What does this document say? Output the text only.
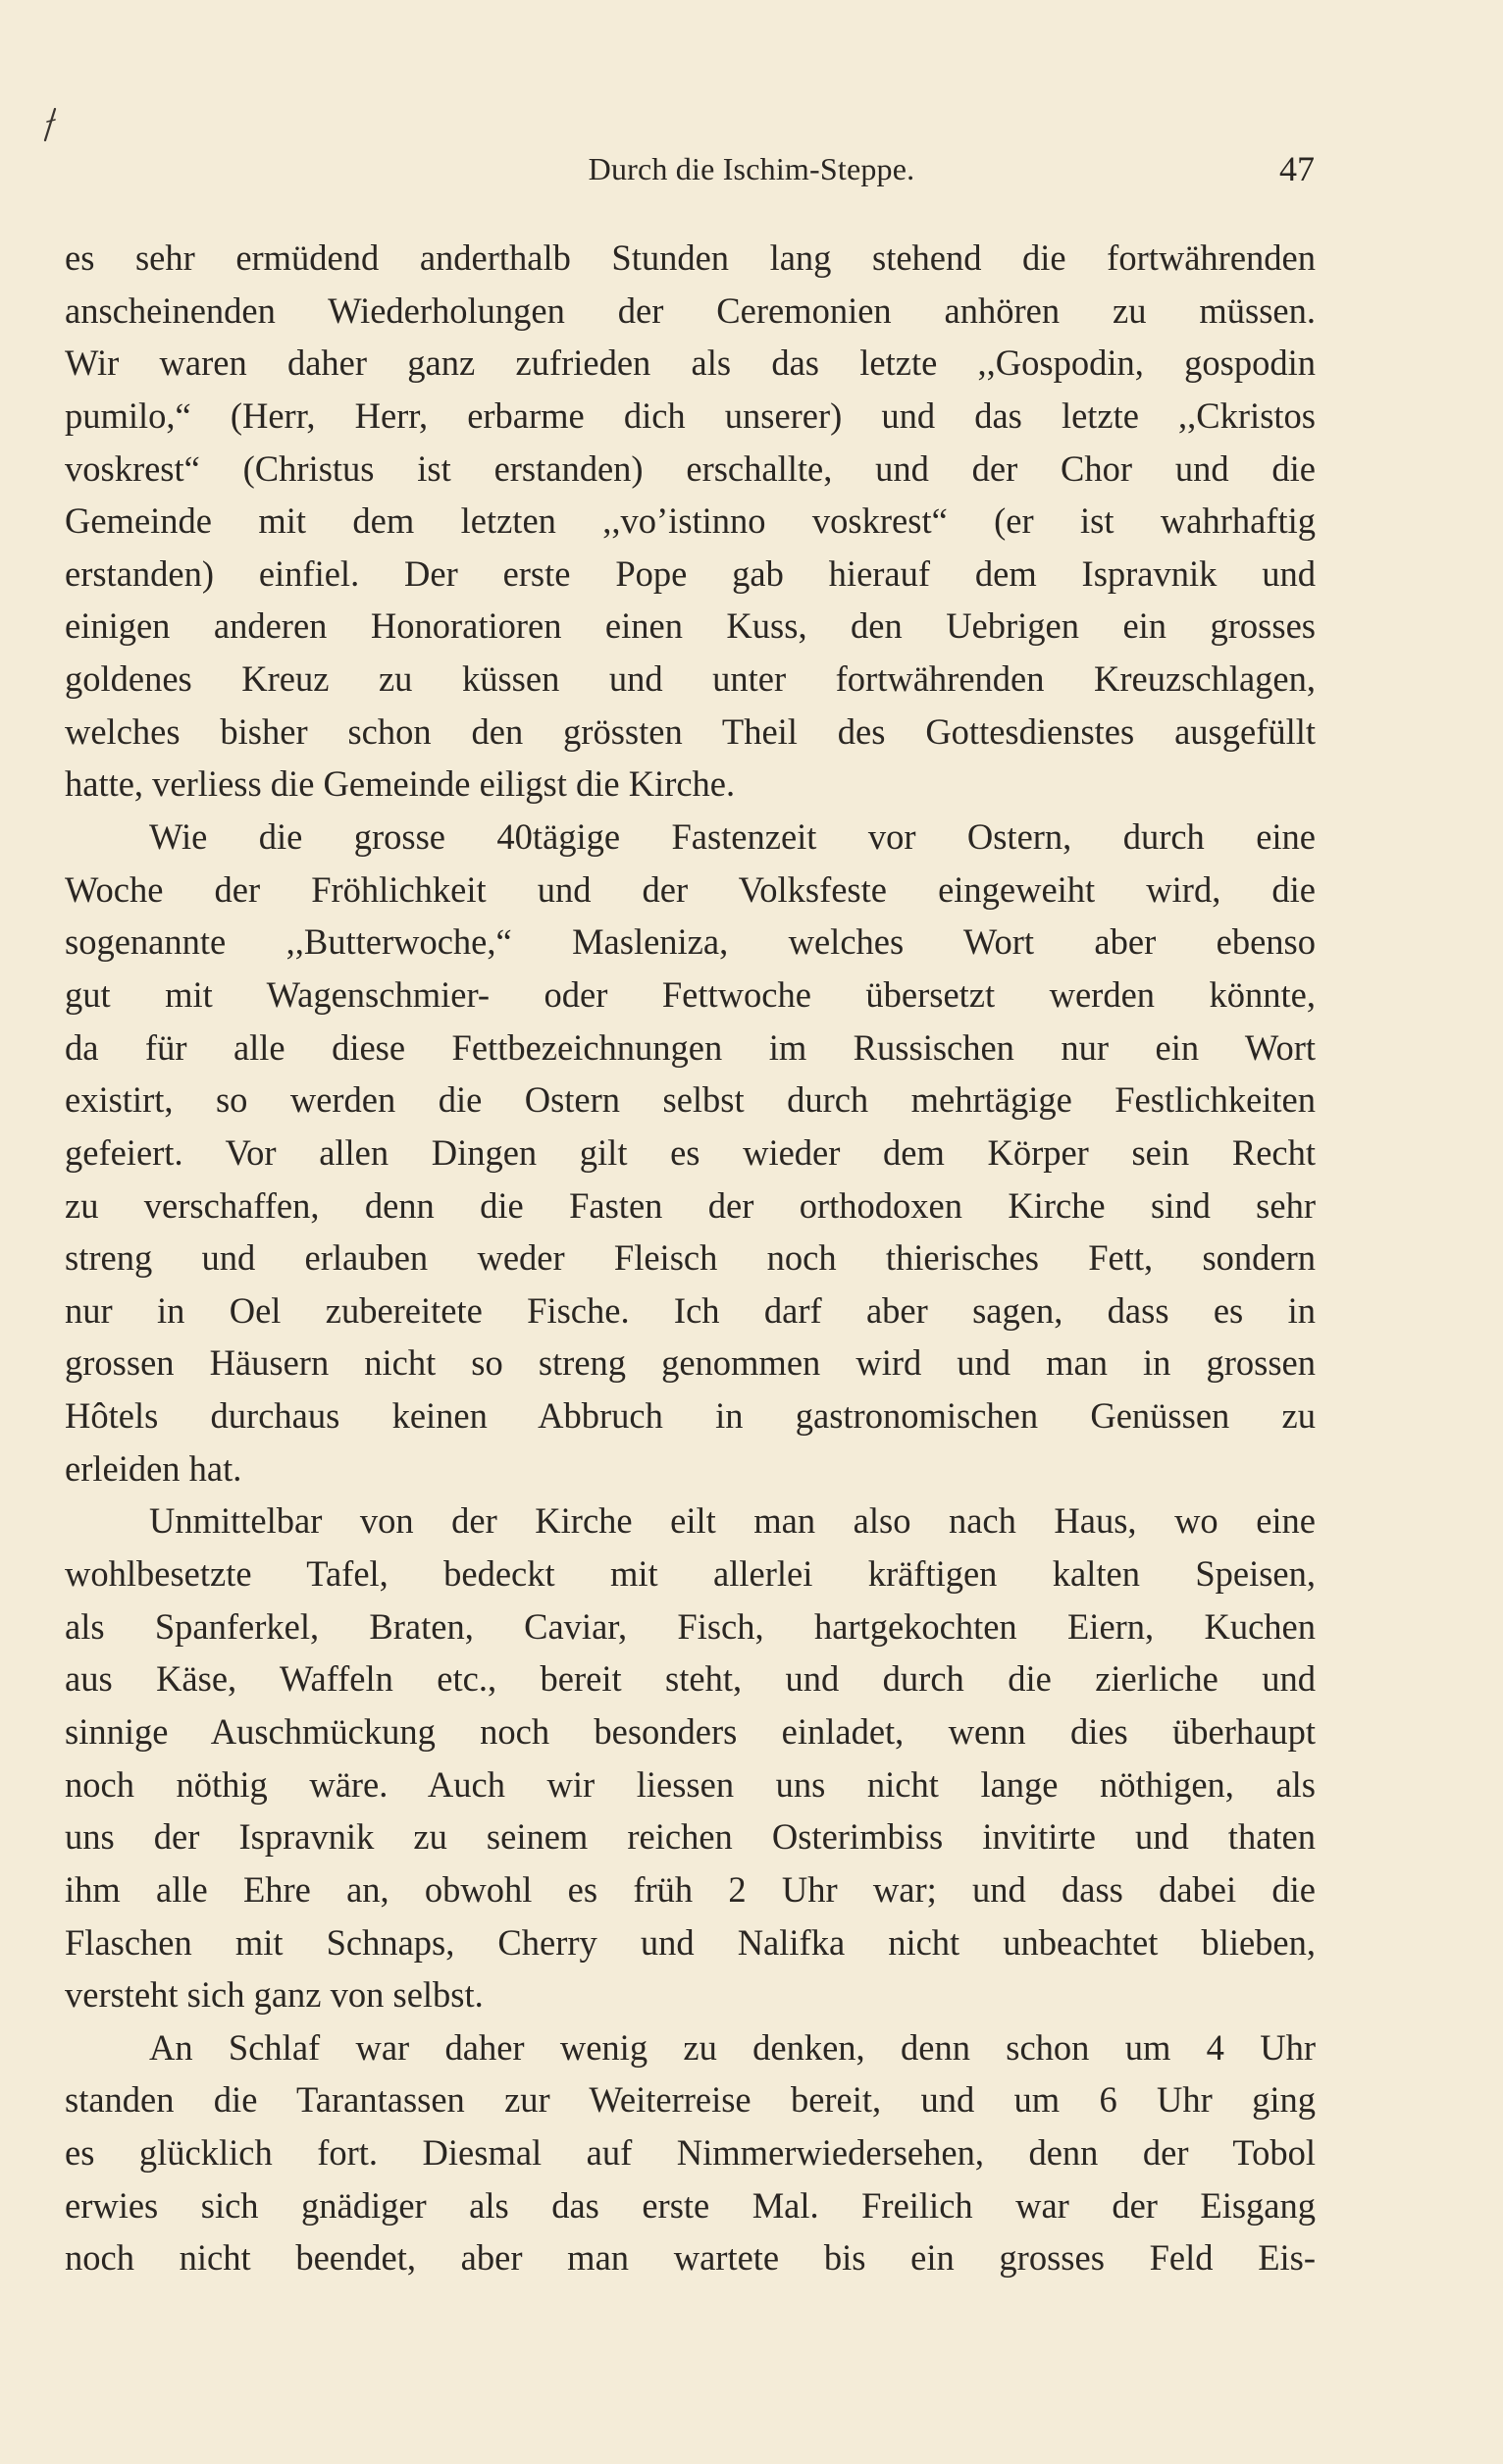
Durch die Ischim-Steppe.	47
es sehr ermüdend anderthalb Stunden lang stehend die fortwährenden
anscheinenden Wiederholungen der Ceremonien anhören zu müssen.
Wir waren daher ganz zufrieden als das letzte ,,Gospodin, gospodin
pumilo,“ (Herr, Herr, erbarme dich unserer) und das letzte ,,Ckristos
voskrest“ (Christus ist erstanden) erschallte, und der Chor und die
Gemeinde mit dem letzten ,,vo’istinno voskrest“ (er ist wahrhaftig
erstanden) einfiel. Der erste Pope gab hierauf dem Ispravnik und
einigen anderen Honoratioren einen Kuss, den Uebrigen ein grosses
goldenes Kreuz zu küssen und unter fortwährenden Kreuzschlagen,
welches bisher schon den grössten Theil des Gottesdienstes ausgefüllt
hatte, verliess die Gemeinde eiligst die Kirche.
Wie die grosse 40tägige Fastenzeit vor Ostern, durch eine
Woche der Fröhlichkeit und der Volksfeste eingeweiht wird, die
sogenannte ,,Butterwoche,“ Masleniza, welches Wort aber ebenso
gut mit Wagenschmier- oder Fettwoche übersetzt werden könnte,
da für alle diese Fettbezeichnungen im Russischen nur ein Wort
existirt, so werden die Ostern selbst durch mehrtägige Festlichkeiten
gefeiert. Vor allen Dingen gilt es wieder dem Körper sein Recht
zu verschaffen, denn die Fasten der orthodoxen Kirche sind sehr
streng und erlauben weder Fleisch noch thierisches Fett, sondern
nur in Oel zubereitete Fische. Ich darf aber sagen, dass es in
grossen Häusern nicht so streng genommen wird und man in grossen
Hôtels durchaus keinen Abbruch in gastronomischen Genüssen zu
erleiden hat.
Unmittelbar von der Kirche eilt man also nach Haus, wo eine
wohlbesetzte Tafel, bedeckt mit allerlei kräftigen kalten Speisen,
als Spanferkel, Braten, Caviar, Fisch, hartgekochten Eiern, Kuchen
aus Käse, Waffeln etc., bereit steht, und durch die zierliche und
sinnige Auschmückung noch besonders einladet, wenn dies überhaupt
noch nöthig wäre. Auch wir liessen uns nicht lange nöthigen, als
uns der Ispravnik zu seinem reichen Osterimbiss invitirte und thaten
ihm alle Ehre an, obwohl es früh 2 Uhr war; und dass dabei die
Flaschen mit Schnaps, Cherry und Nalifka nicht unbeachtet blieben,
versteht sich ganz von selbst.
An Schlaf war daher wenig zu denken, denn schon um 4 Uhr
standen die Tarantassen zur Weiterreise bereit, und um 6 Uhr ging
es glücklich fort. Diesmal auf Nimmerwiedersehen, denn der Tobol
erwies sich gnädiger als das erste Mal. Freilich war der Eisgang
noch nicht beendet, aber man wartete bis ein grosses Feld Eis-
